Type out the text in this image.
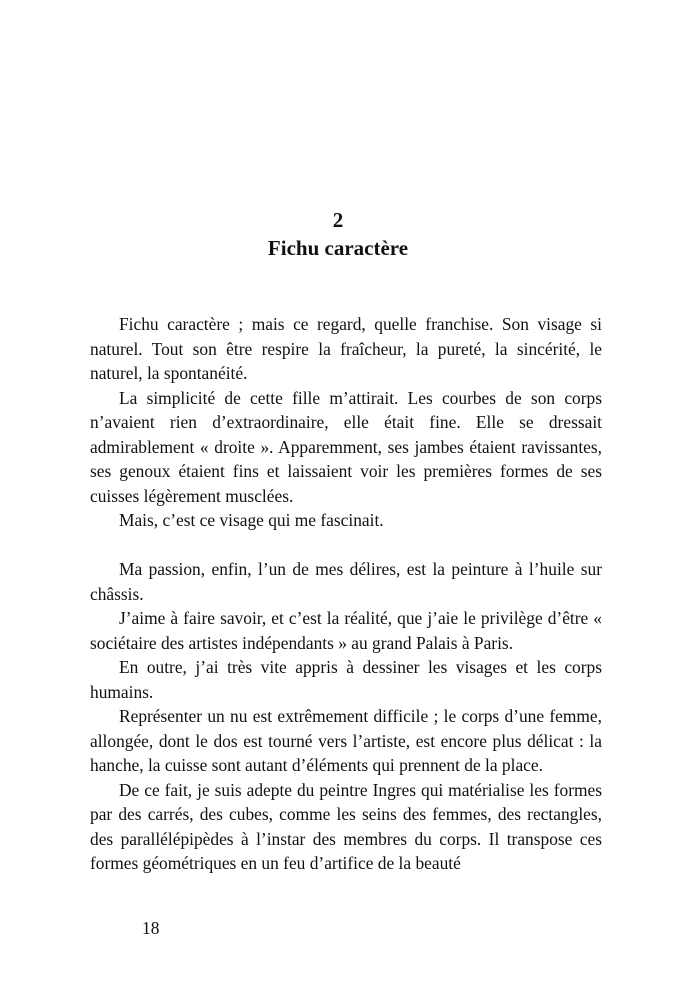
2
Fichu caractère

Fichu caractère ; mais ce regard, quelle franchise. Son visage si naturel. Tout son être respire la fraîcheur, la pureté, la sincérité, le naturel, la spontanéité.

La simplicité de cette fille m’attirait. Les courbes de son corps n’avaient rien d’extraordinaire, elle était fine. Elle se dressait admirablement « droite ». Apparemment, ses jambes étaient ravissantes, ses genoux étaient fins et laissaient voir les premières formes de ses cuisses légèrement musclées.

Mais, c’est ce visage qui me fascinait.

Ma passion, enfin, l’un de mes délires, est la peinture à l’huile sur châssis.

J’aime à faire savoir, et c’est la réalité, que j’aie le privilège d’être « sociétaire des artistes indépendants » au grand Palais à Paris.

En outre, j’ai très vite appris à dessiner les visages et les corps humains.

Représenter un nu est extrêmement difficile ; le corps d’une femme, allongée, dont le dos est tourné vers l’artiste, est encore plus délicat : la hanche, la cuisse sont autant d’éléments qui prennent de la place.

De ce fait, je suis adepte du peintre Ingres qui matérialise les formes par des carrés, des cubes, comme les seins des femmes, des rectangles, des parallélépipèdes à l’instar des membres du corps. Il transpose ces formes géométriques en un feu d’artifice de la beauté

18
